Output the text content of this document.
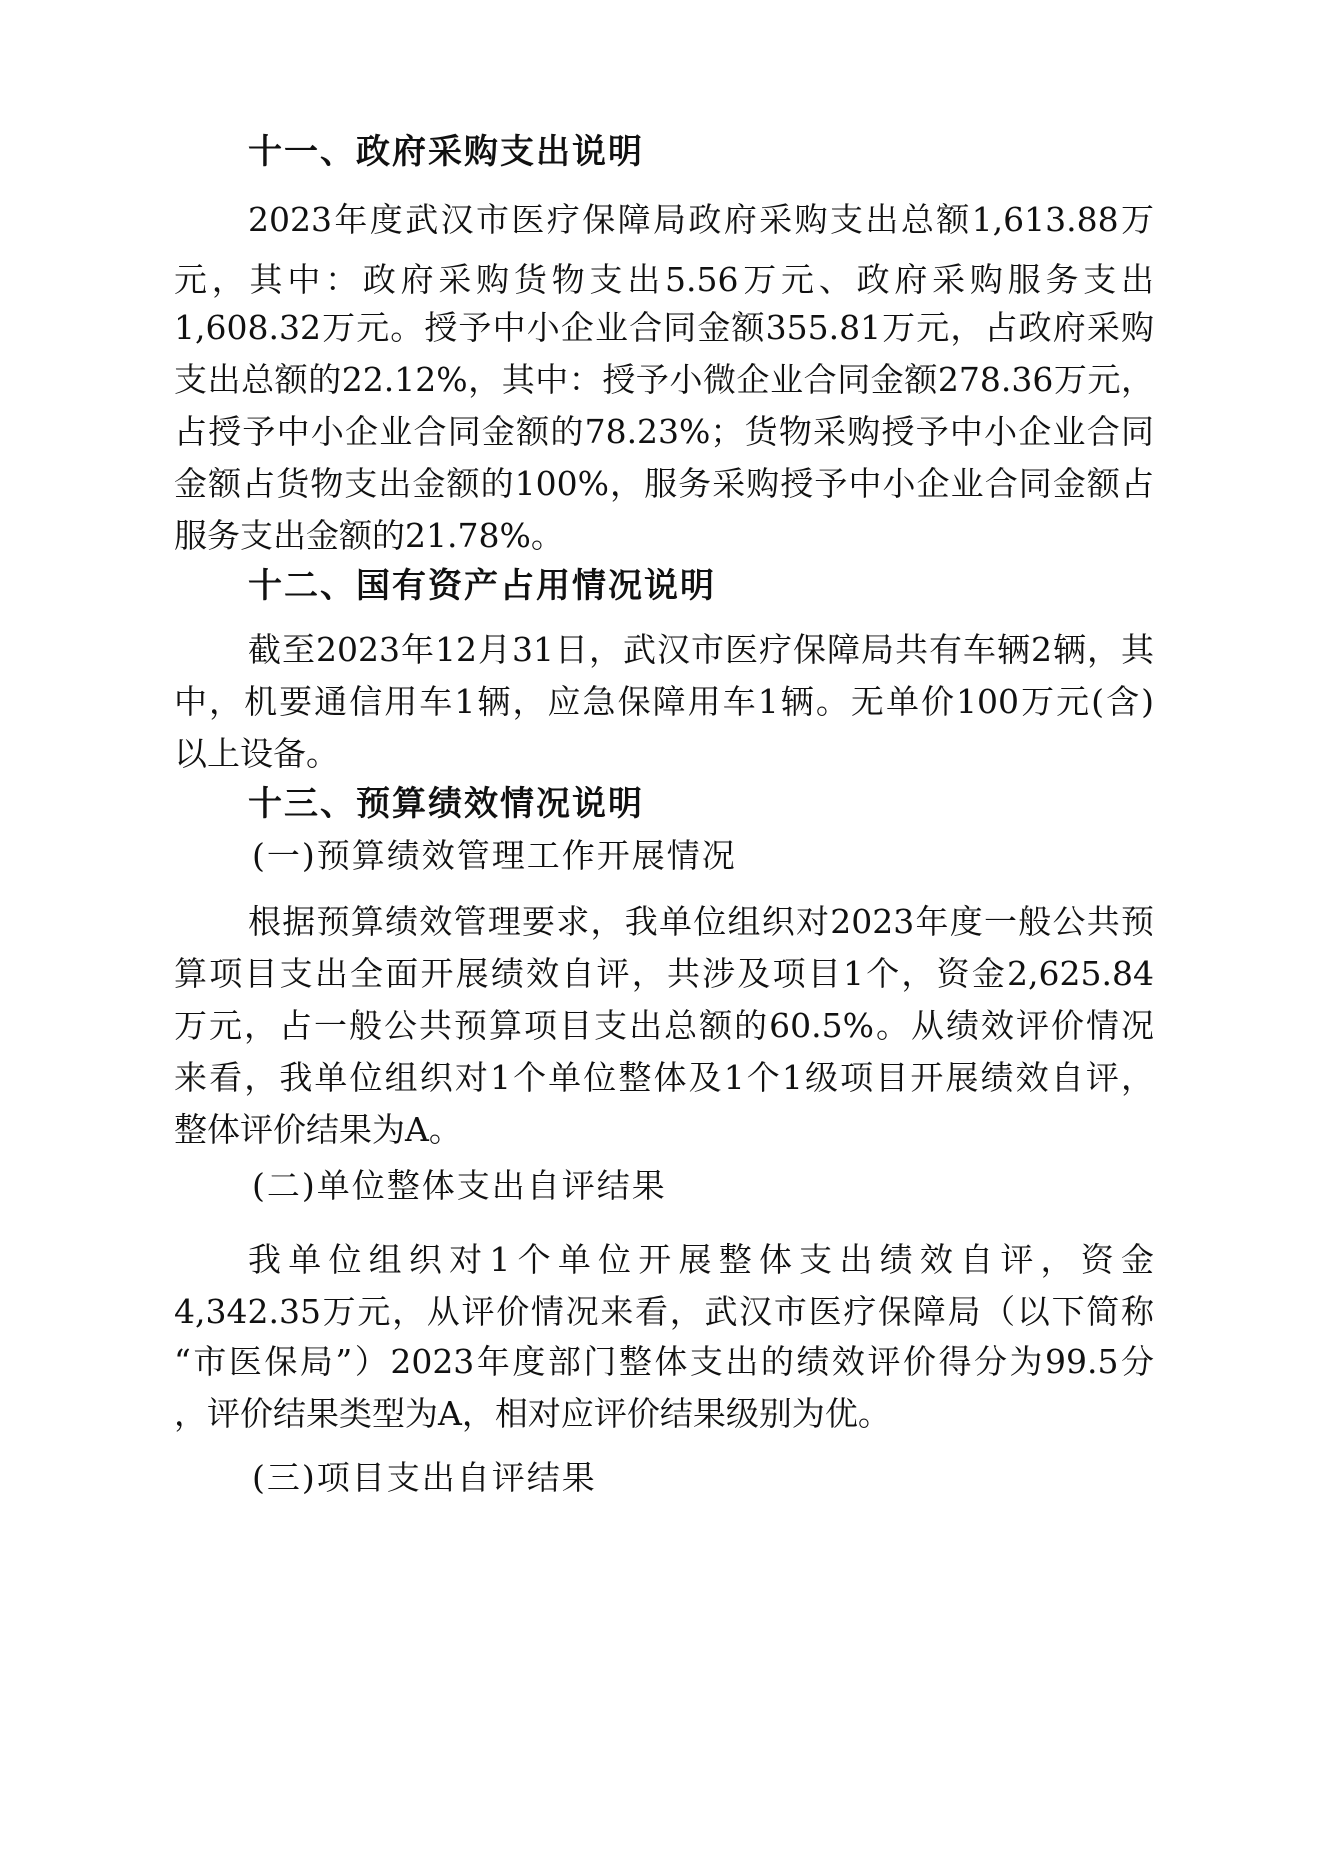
十一、政府采购支出说明
2023年度武汉市医疗保障局政府采购支出总额1,613.88万
元，其中：政府采购货物支出5.56万元、政府采购服务支出
1,608.32万元。授予中小企业合同金额355.81万元，占政府采购
支出总额的22.12%，其中：授予小微企业合同金额278.36万元，
占授予中小企业合同金额的78.23%；货物采购授予中小企业合同
金额占货物支出金额的100%，服务采购授予中小企业合同金额占
服务支出金额的21.78%。
十二、国有资产占用情况说明
截至2023年12月31日，武汉市医疗保障局共有车辆2辆，其
中，机要通信用车1辆，应急保障用车1辆。无单价100万元(含)
以上设备。
十三、预算绩效情况说明
(一)预算绩效管理工作开展情况
根据预算绩效管理要求，我单位组织对2023年度一般公共预
算项目支出全面开展绩效自评，共涉及项目1个，资金2,625.84
万元，占一般公共预算项目支出总额的60.5%。从绩效评价情况
来看，我单位组织对1个单位整体及1个1级项目开展绩效自评，
整体评价结果为A。
(二)单位整体支出自评结果
我单位组织对1个单位开展整体支出绩效自评，资金
4,342.35万元，从评价情况来看，武汉市医疗保障局（以下简称
“市医保局”）2023年度部门整体支出的绩效评价得分为99.5分
，评价结果类型为A，相对应评价结果级别为优。
(三)项目支出自评结果
